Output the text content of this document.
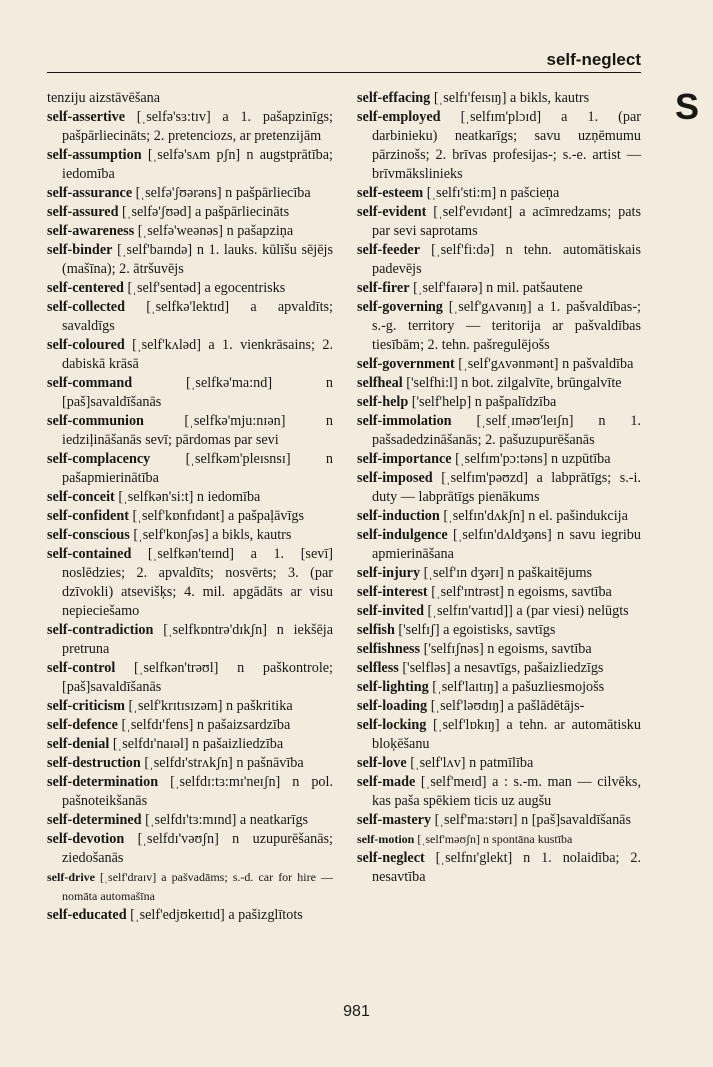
self-neglect
S

tenziju aizstāvēšana

self-assertive [ˌselfə'sɜ:tɪv] a 1. pašapzinīgs; pašpārliecināts; 2. pretenciozs, ar pretenzijām

self-assumption [ˌselfə'sʌm pʃn] n augstprātība; iedomība

self-assurance [ˌselfə'ʃʊərəns] n pašpārliecība

self-assured [ˌselfə'ʃʊəd] a pašpārliecināts

self-awareness [ˌselfə'weənəs] n pašapziņa

self-binder [ˌself'baɪndə] n 1. lauks. kūlīšu sējējs (mašīna); 2. ātršuvējs

self-centered [ˌself'sentəd] a egocentrisks

self-collected [ˌselfkə'lektɪd] a apvaldīts; savaldīgs

self-coloured [ˌself'kʌləd] a 1. vienkrāsains; 2. dabiskā krāsā

self-command [ˌselfkə'ma:nd] n [paš]savaldīšanās

self-communion [ˌselfkə'mju:nɪən] n iedziļināšanās sevī; pārdomas par sevi

self-complacency [ˌselfkəm'pleɪsnsɪ] n pašapmierinātība

self-conceit [ˌselfkən'si:t] n iedomība

self-confident [ˌself'kɒnfɪdənt] a pašpaļāvīgs

self-conscious [ˌself'kɒnʃəs] a bikls, kautrs

self-contained [ˌselfkən'teɪnd] a 1. [sevī] noslēdzies; 2. apvaldīts; nosvērts; 3. (par dzīvokli) atsevišķs; 4. mil. apgādāts ar visu nepieciešamo

self-contradiction [ˌselfkɒntrə'dɪkʃn] n iekšēja pretruna

self-control [ˌselfkən'trəʊl] n paškontrole; [paš]savaldīšanās

self-criticism [ˌself'krɪtɪsɪzəm] n paškritika

self-defence [ˌselfdɪ'fens] n pašaizsardzība

self-denial [ˌselfdɪ'naɪəl] n pašaizliedzība

self-destruction [ˌselfdɪ'strʌkʃn] n pašnāvība

self-determination [ˌselfdɪ:tɜ:mɪ'neɪʃn] n pol. pašnoteikšanās

self-determined [ˌselfdɪ'tɜ:mɪnd] a neatkarīgs

self-devotion [ˌselfdɪ'vəʊʃn] n uzupurēšanās; ziedošanās

self-drive [ˌself'draɪv] a pašvadāms; s.-d. car for hire — nomāta automašīna

self-educated [ˌself'edjʊkeɪtɪd] a pašizglītots

self-effacing [ˌselfɪ'feɪsɪŋ] a bikls, kautrs

self-employed [ˌselfɪm'plɔɪd] a 1. (par darbinieku) neatkarīgs; savu uzņēmumu pārzinošs; 2. brīvas profesijas-; s.-e. artist — brīvmākslinieks

self-esteem [ˌselfɪ'sti:m] n pašcieņa

self-evident [ˌself'evɪdənt] a acīmredzams; pats par sevi saprotams

self-feeder [ˌself'fi:də] n tehn. automātiskais padevējs

self-firer [ˌself'faɪərə] n mil. patšautene

self-governing [ˌself'gʌvənɪŋ] a 1. pašvaldības-; s.-g. territory — teritorija ar pašvaldības tiesībām; 2. tehn. pašregulējošs

self-government [ˌself'gʌvənmənt] n pašvaldība

selfheal ['selfhi:l] n bot. zilgalvīte, brūngalvīte

self-help ['self'help] n pašpalīdzība

self-immolation [ˌselfˌɪməʊ'leɪʃn] n 1. pašsadedzināšanās; 2. pašuzupurēšanās

self-importance [ˌselfɪm'pɔ:təns] n uzpūtība

self-imposed [ˌselfɪm'pəʊzd] a labprātīgs; s.-i. duty — labprātīgs pienākums

self-induction [ˌselfɪn'dʌkʃn] n el. pašindukcija

self-indulgence [ˌselfɪn'dʌldʒəns] n savu iegribu apmierināšana

self-injury [ˌself'ɪn dʒərɪ] n paškaitējums

self-interest [ˌself'ɪntrəst] n egoisms, savtība

self-invited [ˌselfɪn'vaɪtɪd]] a (par viesi) nelūgts

selfish ['selfɪʃ] a egoistisks, savtīgs

selfishness ['selfɪʃnəs] n egoisms, savtība

selfless ['selfləs] a nesavtīgs, pašaizliedzīgs

self-lighting [ˌself'laɪtɪŋ] a pašuzliesmojošs

self-loading [ˌself'ləʊdɪŋ] a pašlādētājs-

self-locking [ˌself'lɒkɪŋ] a tehn. ar automātisku bloķēšanu

self-love [ˌself'lʌv] n patmīlība

self-made [ˌself'meɪd] a : s.-m. man — cilvēks, kas paša spēkiem ticis uz augšu

self-mastery [ˌself'ma:stərɪ] n [paš]savaldīšanās

self-motion [ˌself'məʊʃn] n spontāna kustība

self-neglect [ˌselfnɪ'glekt] n 1. nolaidība; 2. nesavtība

981
